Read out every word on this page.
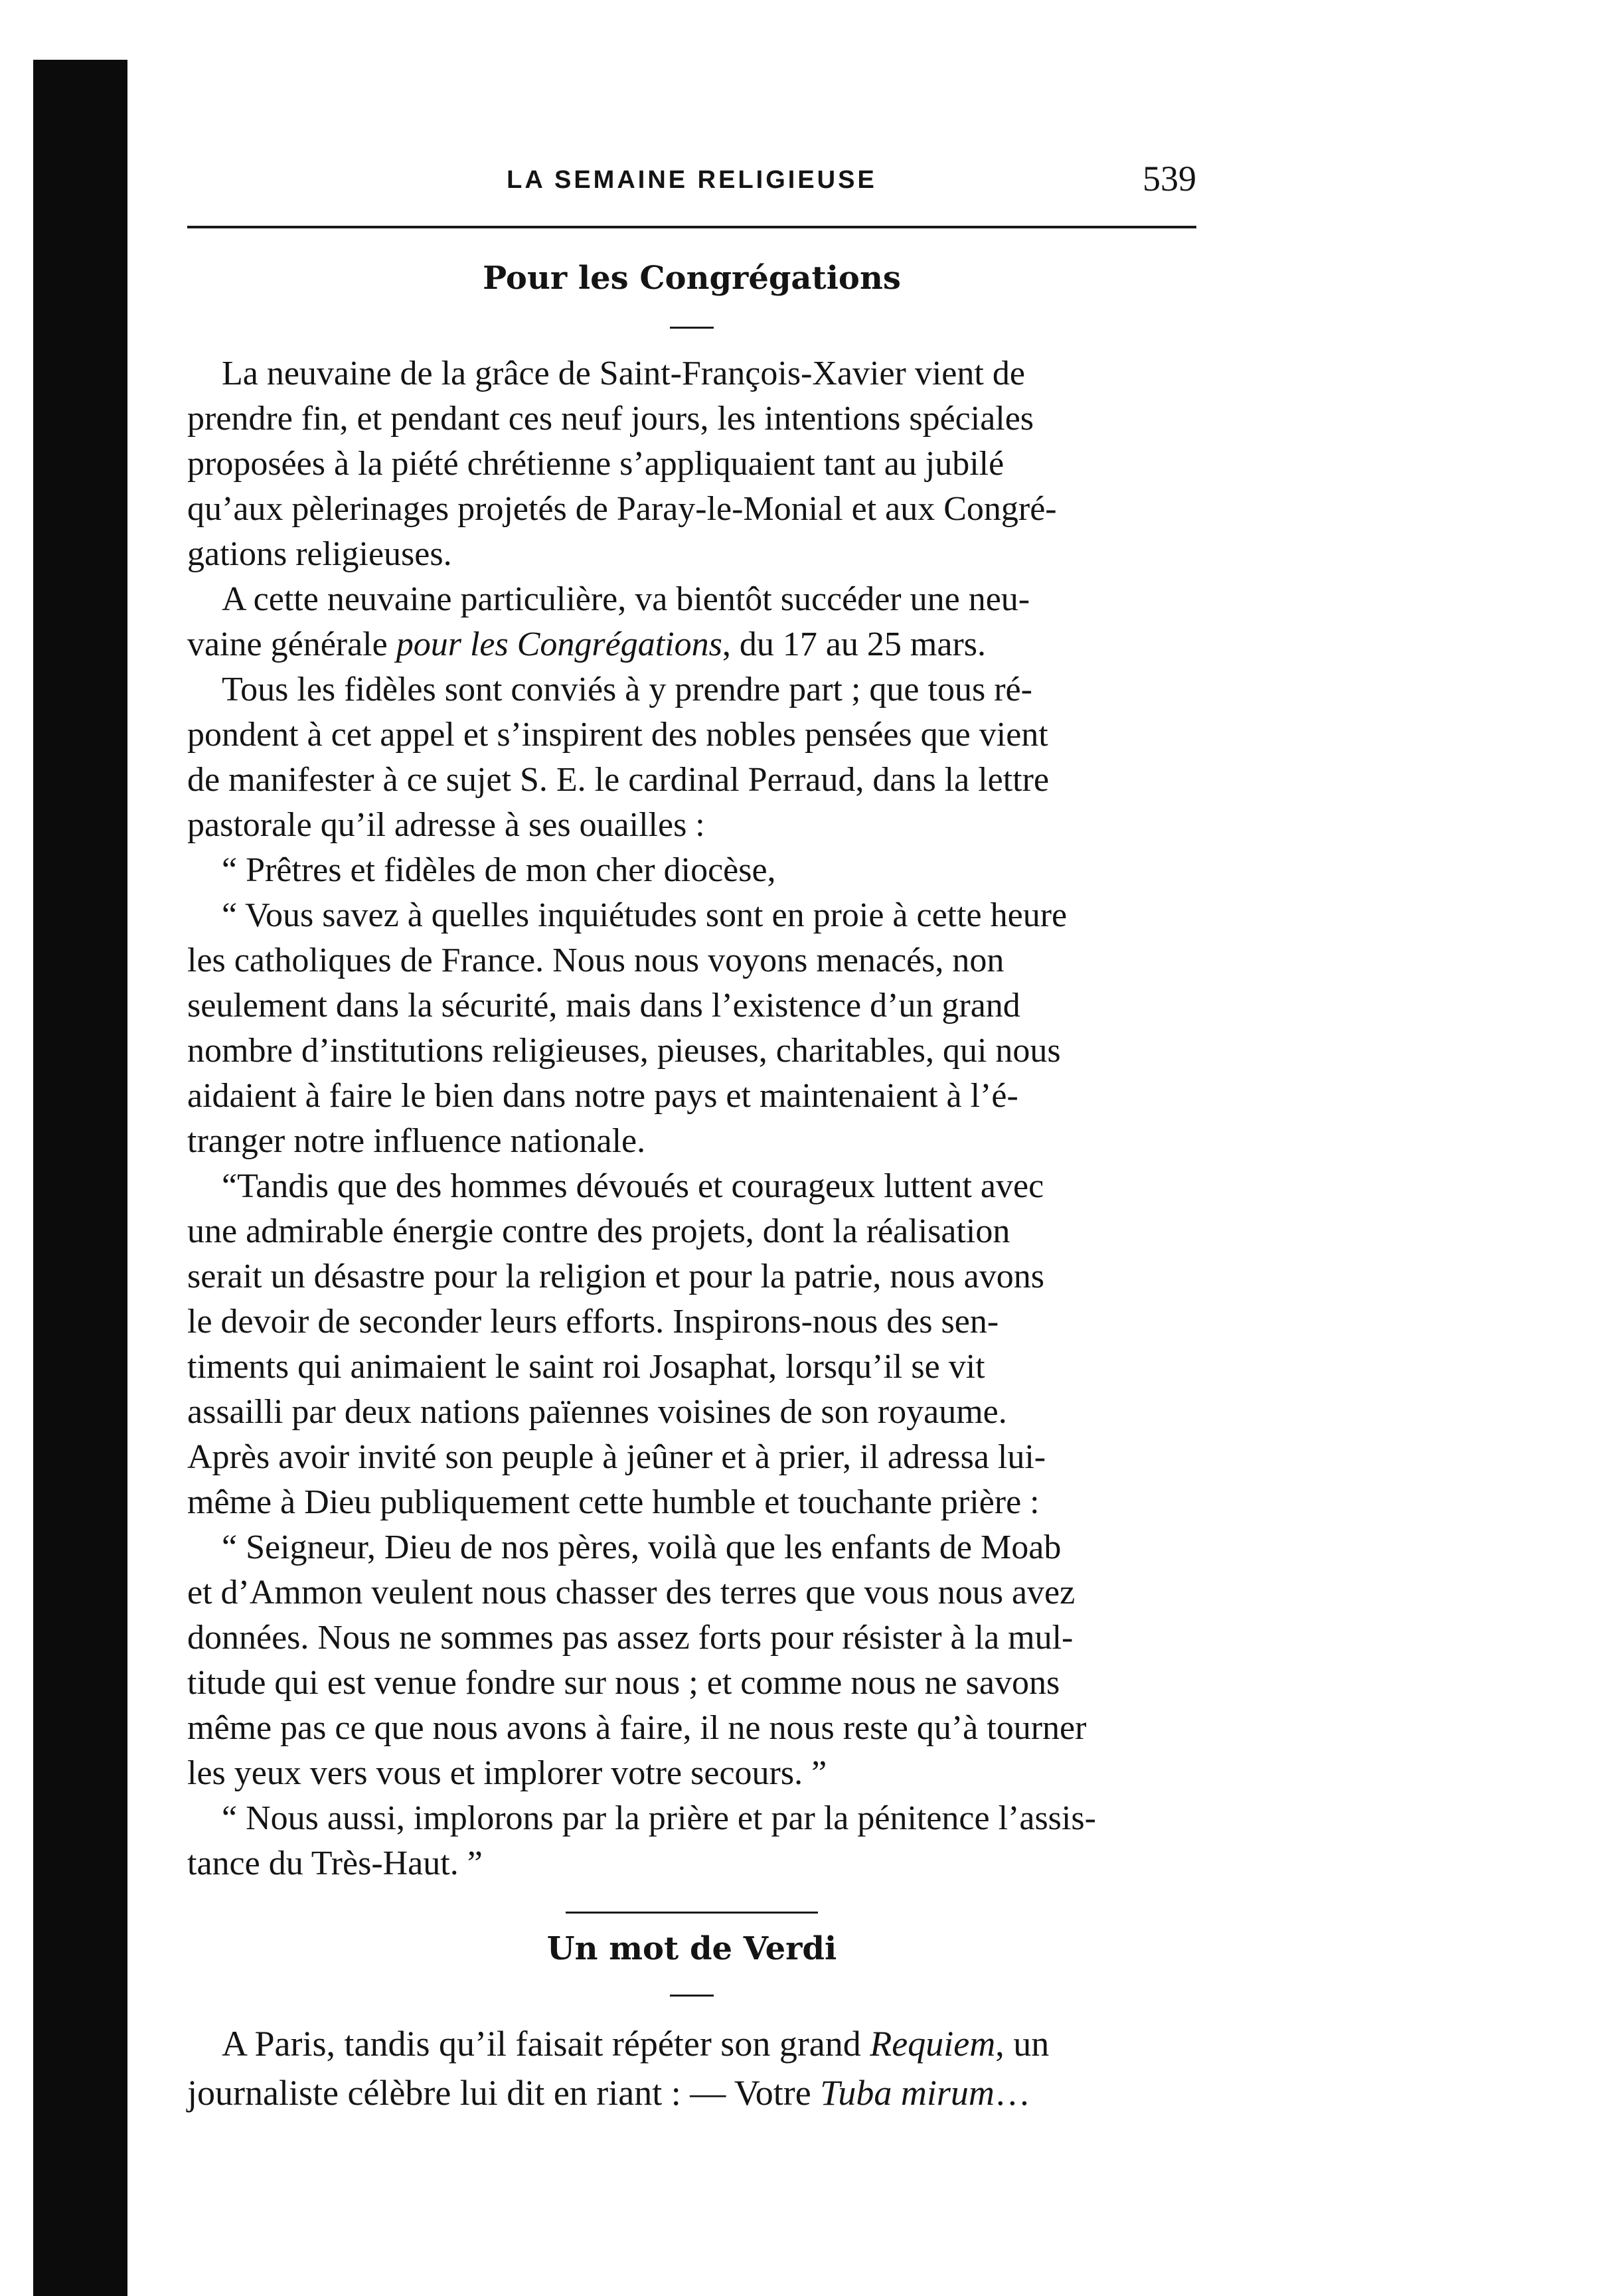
LA SEMAINE RELIGIEUSE	539
Pour les Congrégations

La neuvaine de la grâce de Saint-François-Xavier vient de
prendre fin, et pendant ces neuf jours, les intentions spéciales
proposées à la piété chrétienne s’appliquaient tant au jubilé
qu’aux pèlerinages projetés de Paray-le-Monial et aux Congré-
gations religieuses.

A cette neuvaine particulière, va bientôt succéder une neu-
vaine générale pour les Congrégations, du 17 au 25 mars.

Tous les fidèles sont conviés à y prendre part ; que tous ré-
pondent à cet appel et s’inspirent des nobles pensées que vient
de manifester à ce sujet S. E. le cardinal Perraud, dans la lettre
pastorale qu’il adresse à ses ouailles :

“ Prêtres et fidèles de mon cher diocèse,

“ Vous savez à quelles inquiétudes sont en proie à cette heure
les catholiques de France. Nous nous voyons menacés, non
seulement dans la sécurité, mais dans l’existence d’un grand
nombre d’institutions religieuses, pieuses, charitables, qui nous
aidaient à faire le bien dans notre pays et maintenaient à l’é-
tranger notre influence nationale.

“Tandis que des hommes dévoués et courageux luttent avec
une admirable énergie contre des projets, dont la réalisation
serait un désastre pour la religion et pour la patrie, nous avons
le devoir de seconder leurs efforts. Inspirons-nous des sen-
timents qui animaient le saint roi Josaphat, lorsqu’il se vit
assailli par deux nations païennes voisines de son royaume.
Après avoir invité son peuple à jeûner et à prier, il adressa lui-
même à Dieu publiquement cette humble et touchante prière :

“ Seigneur, Dieu de nos pères, voilà que les enfants de Moab
et d’Ammon veulent nous chasser des terres que vous nous avez
données. Nous ne sommes pas assez forts pour résister à la mul-
titude qui est venue fondre sur nous ; et comme nous ne savons
même pas ce que nous avons à faire, il ne nous reste qu’à tourner
les yeux vers vous et implorer votre secours. ”

“ Nous aussi, implorons par la prière et par la pénitence l’assis-
tance du Très-Haut. ”

Un mot de Verdi

A Paris, tandis qu’il faisait répéter son grand Requiem, un
journaliste célèbre lui dit en riant : — Votre Tuba mirum…
